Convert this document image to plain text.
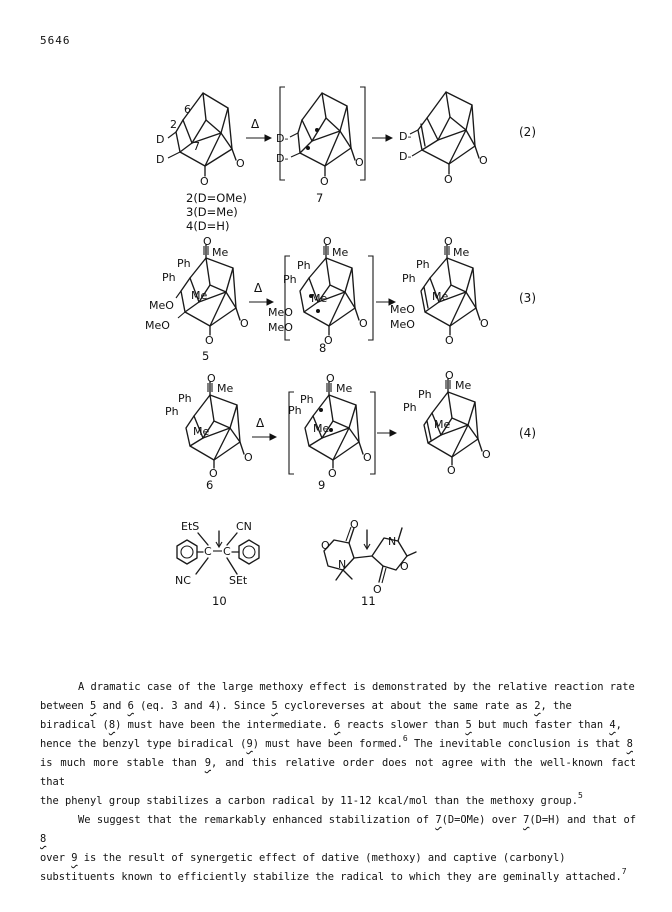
5646
6
2
7
D
D	O
O
Δ
D-
D-	O
O
D-
D-	O
O
(2)
2(D=OMe)
3(D=Me)
4(D=H)
7
O
Me
Ph
Ph
Me
MeO
MeO	O
O
Δ
O
Me
Ph
Ph
Me
MeO
MeO	O
O
O
Me
Ph
Ph
Me
MeO
MeO	O
O
(3)
5
8
O
Me
Ph
Ph
Me
O
O
Δ
O
Me
Ph
Ph
Me
O
O
O
Me
Ph
Ph
Me
O
O
(4)
6	9
EtS	CN
NC	SEt
C C
10
O
N
N
O
O
O
11

A dramatic case of the large methoxy effect is demonstrated by the relative reaction rate

between 5 and 6 (eq. 3 and 4). Since 5 cycloreverses at about the same rate as 2, the

biradical (8) must have been the intermediate. 6 reacts slower than 5 but much faster than 4,

hence the benzyl type biradical (9) must have been formed.$^6$ The inevitable conclusion is that 8

is much more stable than 9, and this relative order does not agree with the well-known fact that

the phenyl group stabilizes a carbon radical by 11-12 kcal/mol than the methoxy group.$^5$

We suggest that the remarkably enhanced stabilization of 7(D=OMe) over 7(D=H) and that of 8

over 9 is the result of synergetic effect of dative (methoxy) and captive (carbonyl)

substituents known to efficiently stabilize the radical to which they are geminally attached.$^7$
